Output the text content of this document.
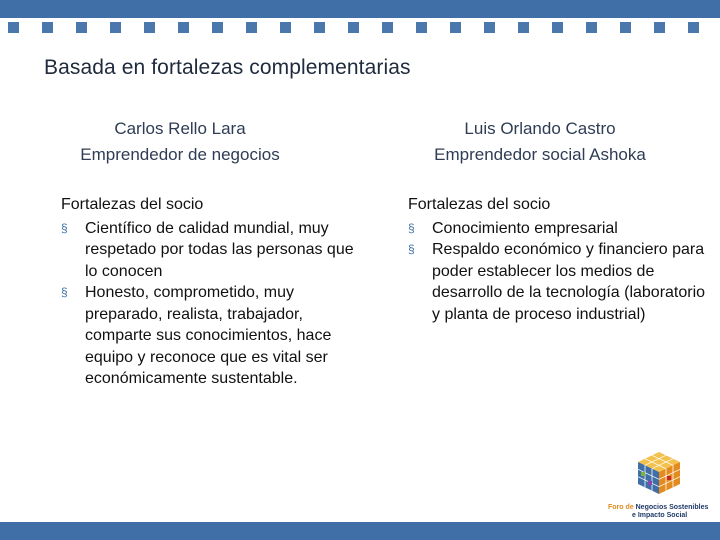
Basada en fortalezas complementarias
Carlos Rello Lara
Emprendedor de negocios
Luis Orlando Castro
Emprendedor social Ashoka
Fortalezas del socio
§ Científico de calidad mundial, muy respetado por todas las personas que lo conocen
§ Honesto, comprometido, muy preparado, realista, trabajador, comparte sus conocimientos, hace equipo y reconoce que es vital ser económicamente sustentable.
Fortalezas del socio
§ Conocimiento empresarial
§ Respaldo económico y financiero para poder establecer los medios de desarrollo de la tecnología (laboratorio y planta de proceso industrial)
Foro de Negocios Sostenibles
e Impacto Social
